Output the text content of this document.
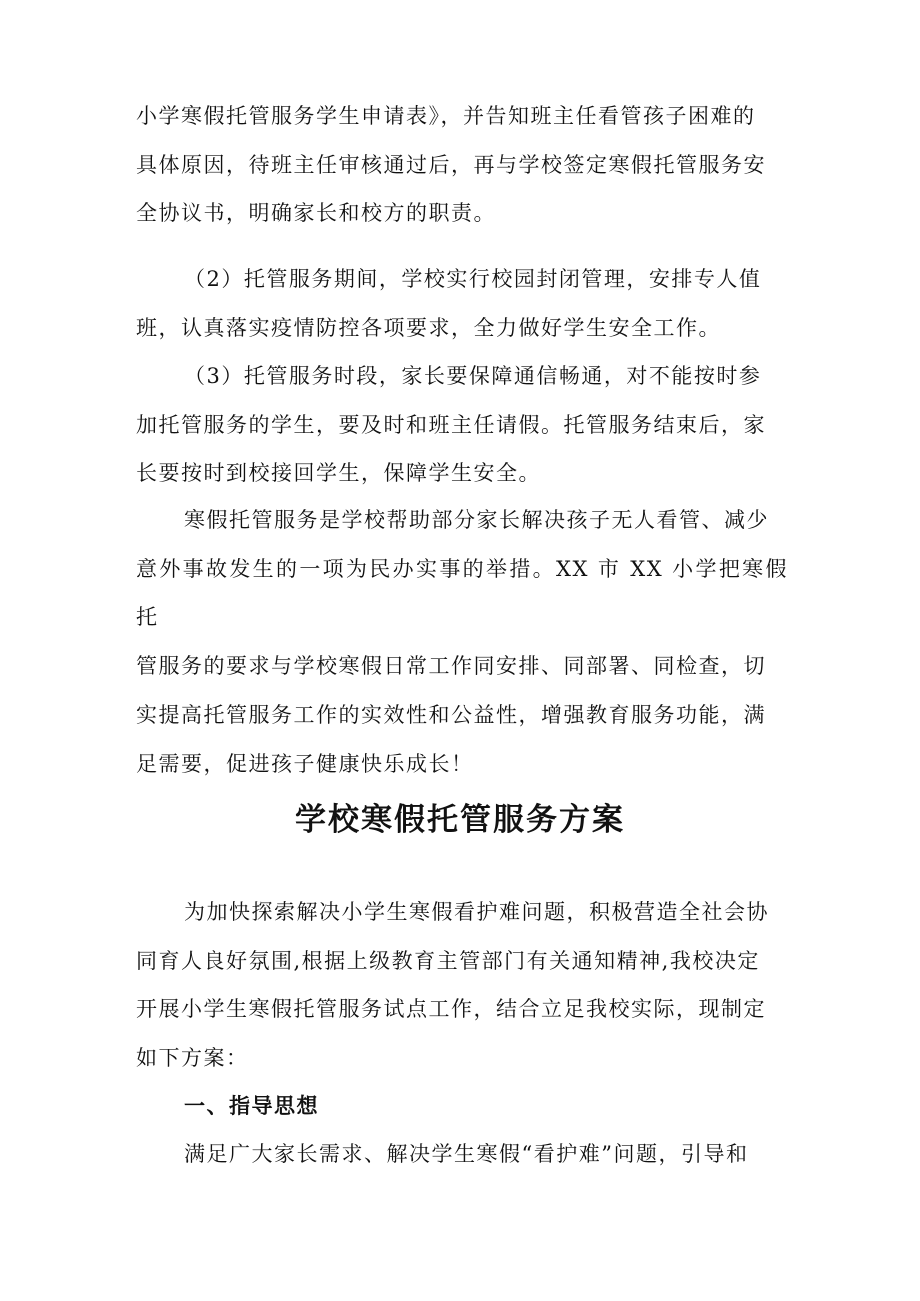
小学寒假托管服务学生申请表》，并告知班主任看管孩子困难的
具体原因，待班主任审核通过后，再与学校签定寒假托管服务安
全协议书，明确家长和校方的职责。

（2）托管服务期间，学校实行校园封闭管理，安排专人值
班，认真落实疫情防控各项要求，全力做好学生安全工作。

（3）托管服务时段，家长要保障通信畅通，对不能按时参
加托管服务的学生，要及时和班主任请假。托管服务结束后，家
长要按时到校接回学生，保障学生安全。

寒假托管服务是学校帮助部分家长解决孩子无人看管、减少
意外事故发生的一项为民办实事的举措。XX 市 XX 小学把寒假托
管服务的要求与学校寒假日常工作同安排、同部署、同检查，切
实提高托管服务工作的实效性和公益性，增强教育服务功能，满
足需要，促进孩子健康快乐成长！

学校寒假托管服务方案

为加快探索解决小学生寒假看护难问题，积极营造全社会协
同育人良好氛围,根据上级教育主管部门有关通知精神,我校决定
开展小学生寒假托管服务试点工作，结合立足我校实际，现制定
如下方案：

一、指导思想

满足广大家长需求、解决学生寒假“看护难”问题，引导和
